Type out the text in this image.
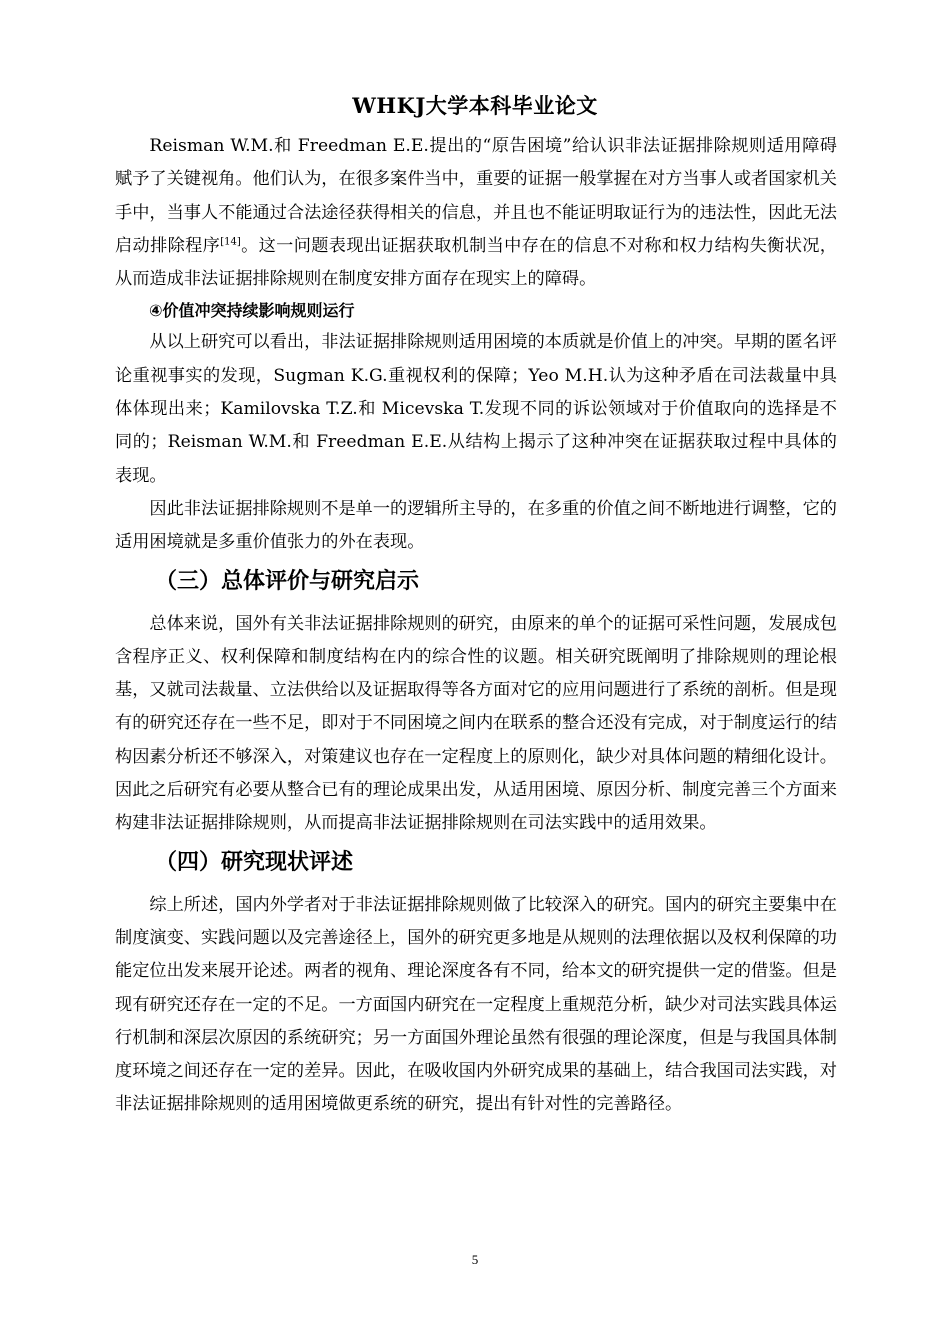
WHKJ大学本科毕业论文

Reisman W.M.和 Freedman E.E.提出的“原告困境”给认识非法证据排除规则适用障碍赋予了关键视角。他们认为，在很多案件当中，重要的证据一般掌握在对方当事人或者国家机关手中，当事人不能通过合法途径获得相关的信息，并且也不能证明取证行为的违法性，因此无法启动排除程序[14]。这一问题表现出证据获取机制当中存在的信息不对称和权力结构失衡状况，从而造成非法证据排除规则在制度安排方面存在现实上的障碍。

④价值冲突持续影响规则运行

从以上研究可以看出，非法证据排除规则适用困境的本质就是价值上的冲突。早期的匿名评论重视事实的发现，Sugman K.G.重视权利的保障；Yeo M.H.认为这种矛盾在司法裁量中具体体现出来；Kamilovska T.Z.和 Micevska T.发现不同的诉讼领域对于价值取向的选择是不同的；Reisman W.M.和 Freedman E.E.从结构上揭示了这种冲突在证据获取过程中具体的表现。

因此非法证据排除规则不是单一的逻辑所主导的，在多重的价值之间不断地进行调整，它的适用困境就是多重价值张力的外在表现。

（三）总体评价与研究启示

总体来说，国外有关非法证据排除规则的研究，由原来的单个的证据可采性问题，发展成包含程序正义、权利保障和制度结构在内的综合性的议题。相关研究既阐明了排除规则的理论根基，又就司法裁量、立法供给以及证据取得等各方面对它的应用问题进行了系统的剖析。但是现有的研究还存在一些不足，即对于不同困境之间内在联系的整合还没有完成，对于制度运行的结构因素分析还不够深入，对策建议也存在一定程度上的原则化，缺少对具体问题的精细化设计。因此之后研究有必要从整合已有的理论成果出发，从适用困境、原因分析、制度完善三个方面来构建非法证据排除规则，从而提高非法证据排除规则在司法实践中的适用效果。

（四）研究现状评述

综上所述，国内外学者对于非法证据排除规则做了比较深入的研究。国内的研究主要集中在制度演变、实践问题以及完善途径上，国外的研究更多地是从规则的法理依据以及权利保障的功能定位出发来展开论述。两者的视角、理论深度各有不同，给本文的研究提供一定的借鉴。但是现有研究还存在一定的不足。一方面国内研究在一定程度上重规范分析，缺少对司法实践具体运行机制和深层次原因的系统研究；另一方面国外理论虽然有很强的理论深度，但是与我国具体制度环境之间还存在一定的差异。因此，在吸收国内外研究成果的基础上，结合我国司法实践，对非法证据排除规则的适用困境做更系统的研究，提出有针对性的完善路径。

5
